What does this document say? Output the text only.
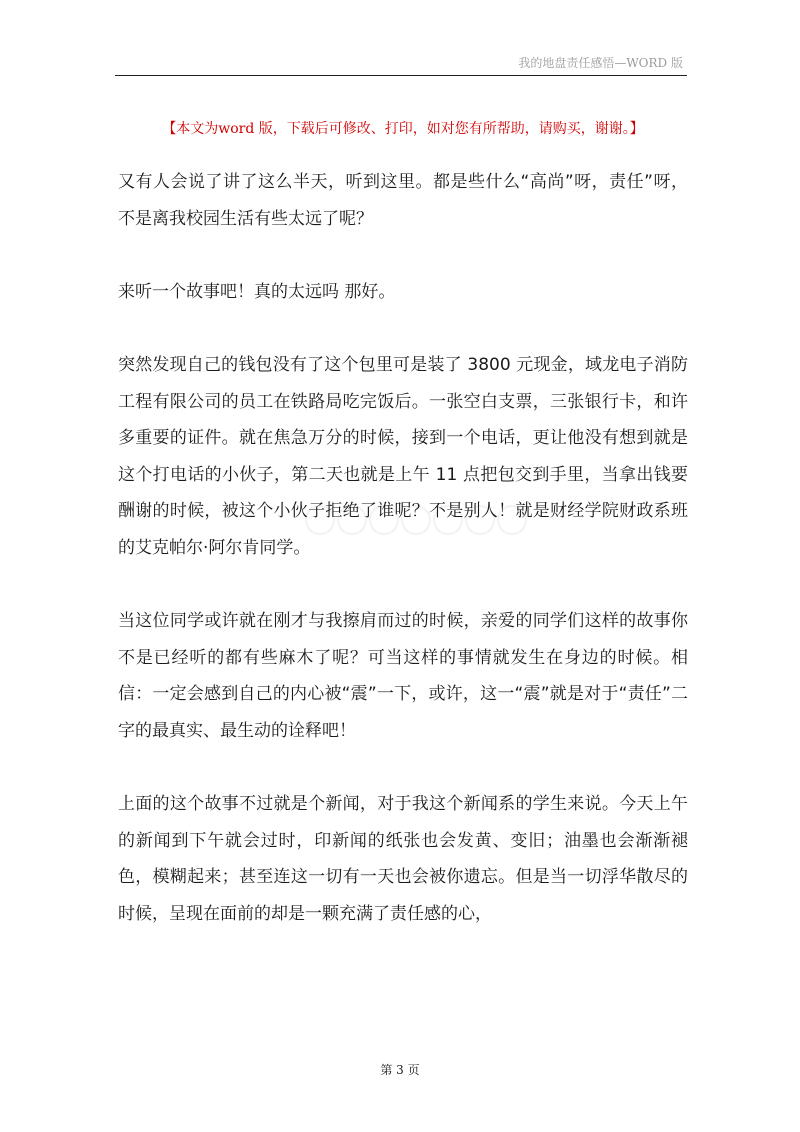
我的地盘责任感悟—WORD 版
【本文为word 版，下载后可修改、打印，如对您有所帮助，请购买，谢谢。】

又有人会说了讲了这么半天，听到这里。都是些什么“高尚”呀，责任”呀，不是离我校园生活有些太远了呢？

来听一个故事吧！真的太远吗 那好。

突然发现自己的钱包没有了这个包里可是装了 3800 元现金，域龙电子消防工程有限公司的员工在铁路局吃完饭后。一张空白支票，三张银行卡，和许多重要的证件。就在焦急万分的时候，接到一个电话，更让他没有想到就是这个打电话的小伙子，第二天也就是上午 11 点把包交到手里，当拿出钱要酬谢的时候，被这个小伙子拒绝了谁呢？不是别人！就是财经学院财政系班的艾克帕尔·阿尔肯同学。

当这位同学或许就在刚才与我擦肩而过的时候，亲爱的同学们这样的故事你不是已经听的都有些麻木了呢？可当这样的事情就发生在身边的时候。相信：一定会感到自己的内心被“震”一下，或许，这一“震”就是对于“责任”二字的最真实、最生动的诠释吧！

上面的这个故事不过就是个新闻，对于我这个新闻系的学生来说。今天上午的新闻到下午就会过时，印新闻的纸张也会发黄、变旧；油墨也会渐渐褪色，模糊起来；甚至连这一切有一天也会被你遗忘。但是当一切浮华散尽的时候，呈现在面前的却是一颗充满了责任感的心，

第 3 页
